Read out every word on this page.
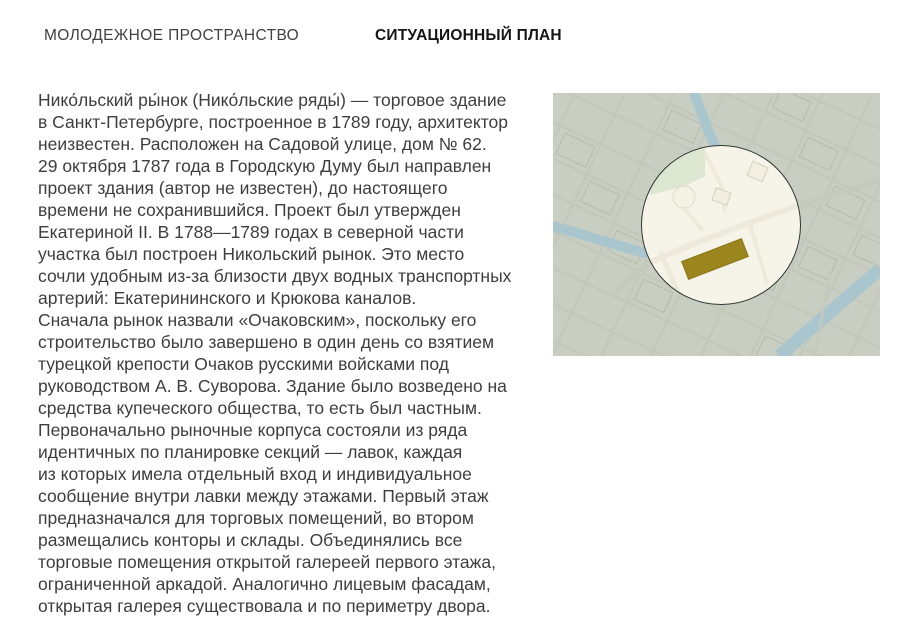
МОЛОДЕЖНОЕ ПРОСТРАНСТВО	СИТУАЦИОННЫЙ ПЛАН
Нико́льский ры́нок (Нико́льские ряды́) — торговое здание
в Санкт-Петербурге, построенное в 1789 году, архитектор
неизвестен. Расположен на Садовой улице, дом № 62.
29 октября 1787 года в Городскую Думу был направлен
проект здания (автор не известен), до настоящего
времени не сохранившийся. Проект был утвержден
Екатериной II. В 1788—1789 годах в северной части
участка был построен Никольский рынок. Это место
сочли удобным из-за близости двух водных транспортных
артерий: Екатерининского и Крюкова каналов.
Сначала рынок назвали «Очаковским», поскольку его
строительство было завершено в один день со взятием
турецкой крепости Очаков русскими войсками под
руководством А. В. Суворова. Здание было возведено на
средства купеческого общества, то есть был частным.
Первоначально рыночные корпуса состояли из ряда
идентичных по планировке секций — лавок, каждая
из которых имела отдельный вход и индивидуальное
сообщение внутри лавки между этажами. Первый этаж
предназначался для торговых помещений, во втором
размещались конторы и склады. Объединялись все
торговые помещения открытой галереей первого этажа,
ограниченной аркадой. Аналогично лицевым фасадам,
открытая галерея существовала и по периметру двора.
